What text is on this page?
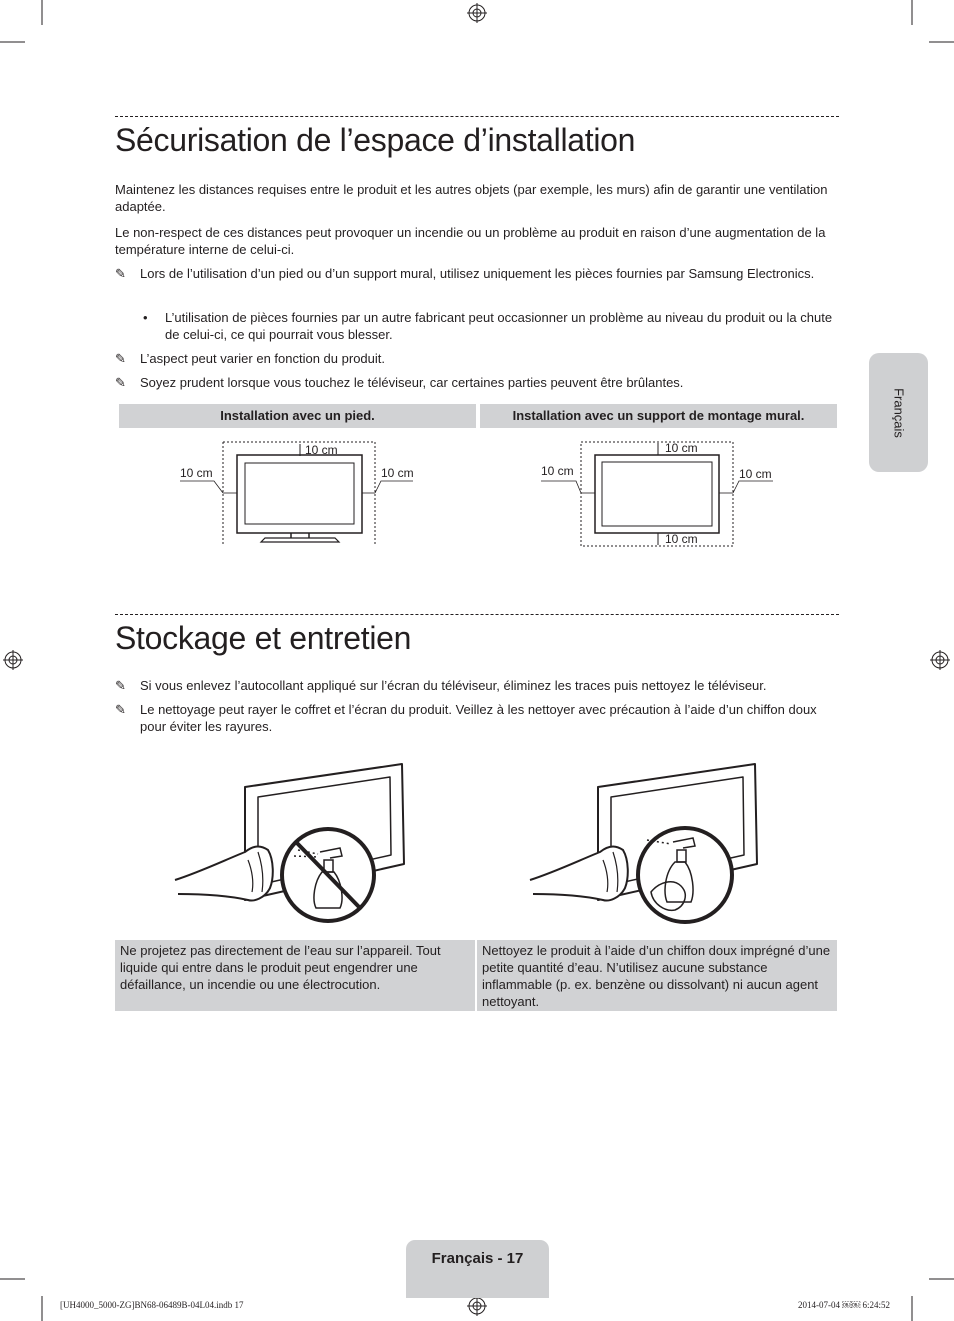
Sécurisation de l’espace d’installation

Maintenez les distances requises entre le produit et les autres objets (par exemple, les murs) afin de garantir une ventilation adaptée.

Le non-respect de ces distances peut provoquer un incendie ou un problème au produit en raison d’une augmentation de la température interne de celui-ci.

✎ Lors de l’utilisation d’un pied ou d’un support mural, utilisez uniquement les pièces fournies par Samsung Electronics.
• L’utilisation de pièces fournies par un autre fabricant peut occasionner un problème au niveau du produit ou la chute de celui-ci, ce qui pourrait vous blesser.
✎ L’aspect peut varier en fonction du produit.
✎ Soyez prudent lorsque vous touchez le téléviseur, car certaines parties peuvent être brûlantes.
Installation avec un pied.	Installation avec un support de montage mural.
10 cm
10 cm	10 cm
10 cm
10 cm	10 cm
10 cm
Stockage et entretien
✎ Si vous enlevez l’autocollant appliqué sur l’écran du téléviseur, éliminez les traces puis nettoyez le téléviseur.
✎ Le nettoyage peut rayer le coffret et l’écran du produit. Veillez à les nettoyer avec précaution à l’aide d’un chiffon doux pour éviter les rayures.
Ne projetez pas directement de l’eau sur l’appareil. Tout liquide qui entre dans le produit peut engendrer une défaillance, un incendie ou une électrocution.
Nettoyez le produit à l’aide d’un chiffon doux imprégné d’une petite quantité d’eau. N’utilisez aucune substance inflammable (p. ex. benzène ou dissolvant) ni aucun agent nettoyant.
Français
Français - 17
[UH4000_5000-ZG]BN68-06489B-04L04.indb 17	2014-07-04 ￼￼ 6:24:52
